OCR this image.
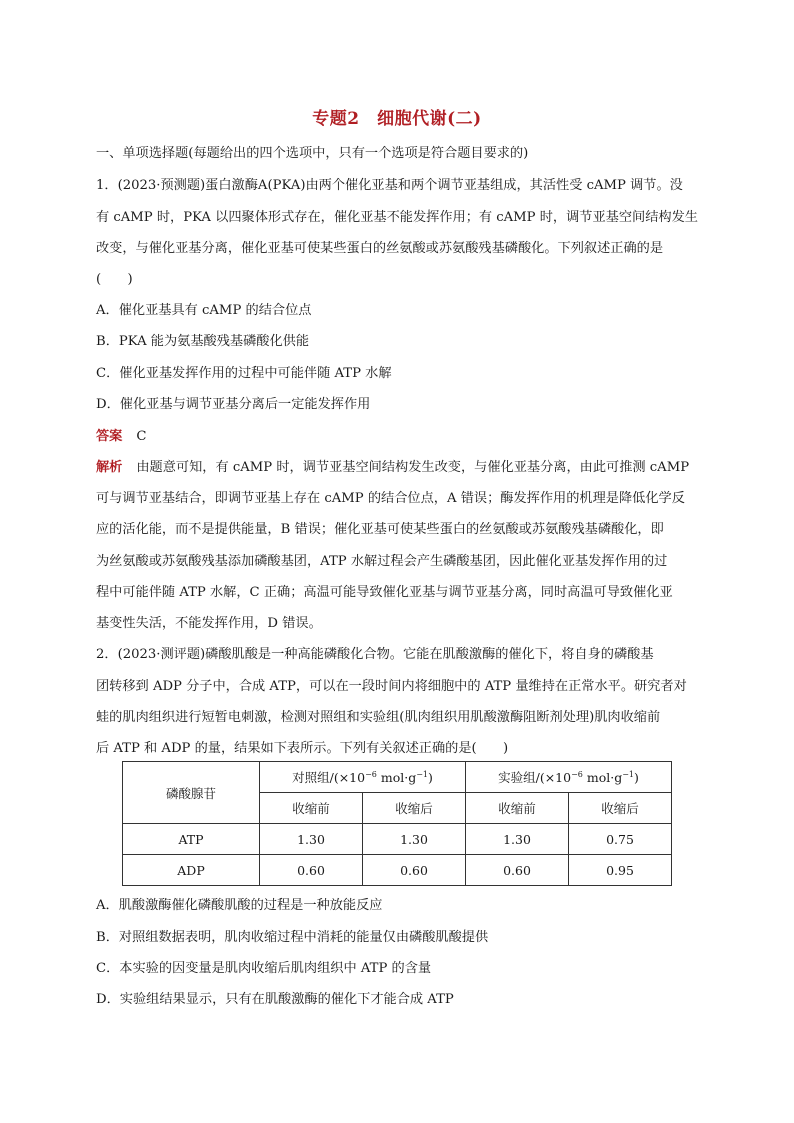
专题2　细胞代谢(二)
一、单项选择题(每题给出的四个选项中，只有一个选项是符合题目要求的)
1．(2023·预测题)蛋白激酶A(PKA)由两个催化亚基和两个调节亚基组成，其活性受 cAMP 调节。没
有 cAMP 时，PKA 以四聚体形式存在，催化亚基不能发挥作用；有 cAMP 时，调节亚基空间结构发生
改变，与催化亚基分离，催化亚基可使某些蛋白的丝氨酸或苏氨酸残基磷酸化。下列叙述正确的是
(　　)
A．催化亚基具有 cAMP 的结合位点
B．PKA 能为氨基酸残基磷酸化供能
C．催化亚基发挥作用的过程中可能伴随 ATP 水解
D．催化亚基与调节亚基分离后一定能发挥作用
答案 C
解析 由题意可知，有 cAMP 时，调节亚基空间结构发生改变，与催化亚基分离，由此可推测 cAMP
可与调节亚基结合，即调节亚基上存在 cAMP 的结合位点，A 错误；酶发挥作用的机理是降低化学反
应的活化能，而不是提供能量，B 错误；催化亚基可使某些蛋白的丝氨酸或苏氨酸残基磷酸化，即
为丝氨酸或苏氨酸残基添加磷酸基团，ATP 水解过程会产生磷酸基团，因此催化亚基发挥作用的过
程中可能伴随 ATP 水解，C 正确；高温可能导致催化亚基与调节亚基分离，同时高温可导致催化亚
基变性失活，不能发挥作用，D 错误。
2．(2023·测评题)磷酸肌酸是一种高能磷酸化合物。它能在肌酸激酶的催化下，将自身的磷酸基
团转移到 ADP 分子中，合成 ATP，可以在一段时间内将细胞中的 ATP 量维持在正常水平。研究者对
蛙的肌肉组织进行短暂电刺激，检测对照组和实验组(肌肉组织用肌酸激酶阻断剂处理)肌肉收缩前
后 ATP 和 ADP 的量，结果如下表所示。下列有关叙述正确的是(　　)
磷酸腺苷	对照组$/(\times 10^{-6}$ $mol\cdot g^{-1}$)		实验组$/(\times 10^{-6}$ $mol\cdot g^{-1}$)	
	收缩前	收缩后	收缩前	收缩后
ATP	1.30	1.30	1.30	0.75
ADP	0.60	0.60	0.60	0.95
A．肌酸激酶催化磷酸肌酸的过程是一种放能反应
B．对照组数据表明，肌肉收缩过程中消耗的能量仅由磷酸肌酸提供
C．本实验的因变量是肌肉收缩后肌肉组织中 ATP 的含量
D．实验组结果显示，只有在肌酸激酶的催化下才能合成 ATP
